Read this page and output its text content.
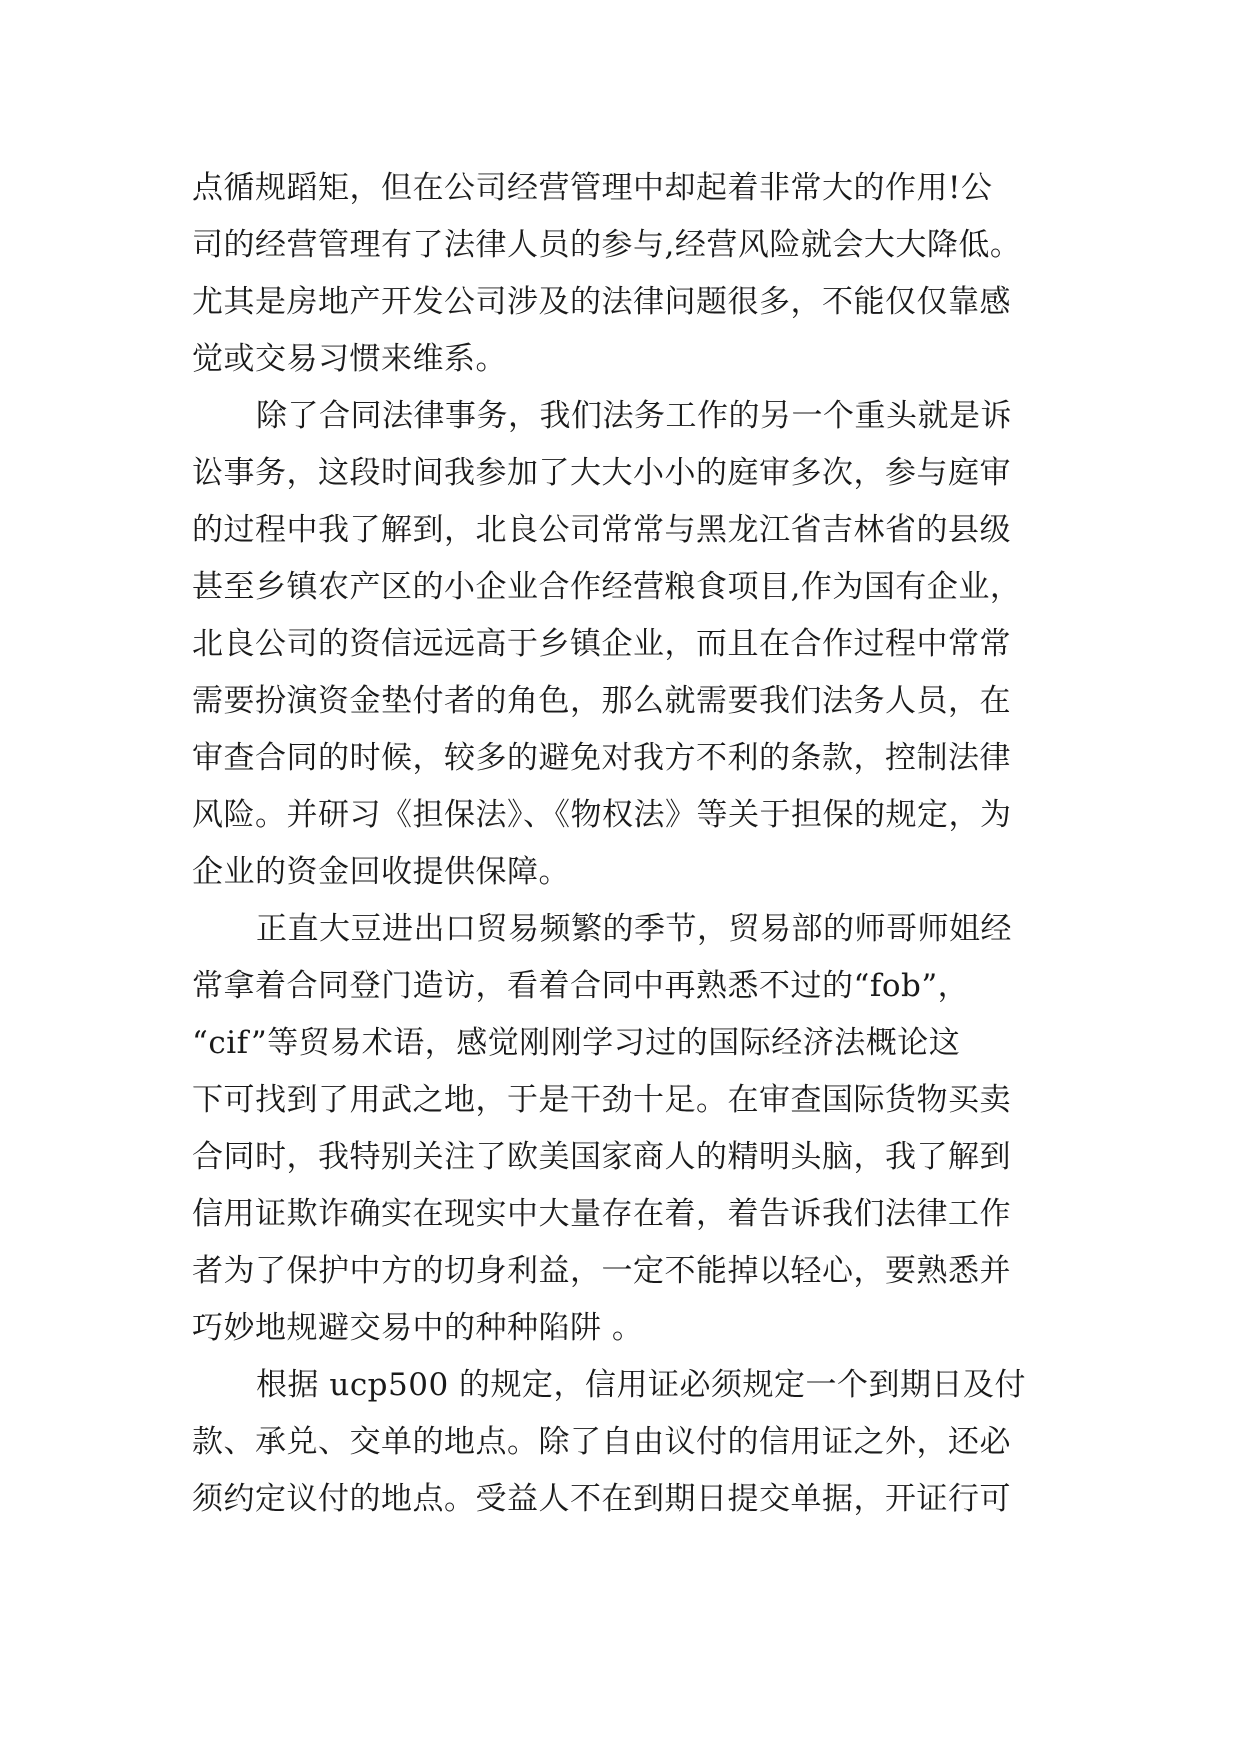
点循规蹈矩，但在公司经营管理中却起着非常大的作用!公
司的经营管理有了法律人员的参与,经营风险就会大大降低。
尤其是房地产开发公司涉及的法律问题很多，不能仅仅靠感
觉或交易习惯来维系。
除了合同法律事务，我们法务工作的另一个重头就是诉
讼事务，这段时间我参加了大大小小的庭审多次，参与庭审
的过程中我了解到，北良公司常常与黑龙江省吉林省的县级
甚至乡镇农产区的小企业合作经营粮食项目,作为国有企业，
北良公司的资信远远高于乡镇企业，而且在合作过程中常常
需要扮演资金垫付者的角色，那么就需要我们法务人员，在
审查合同的时候，较多的避免对我方不利的条款，控制法律
风险。并研习《担保法》、《物权法》等关于担保的规定，为
企业的资金回收提供保障。
正直大豆进出口贸易频繁的季节，贸易部的师哥师姐经
常拿着合同登门造访，看着合同中再熟悉不过的“fob”，
“cif”等贸易术语，感觉刚刚学习过的国际经济法概论这
下可找到了用武之地，于是干劲十足。在审查国际货物买卖
合同时，我特别关注了欧美国家商人的精明头脑，我了解到
信用证欺诈确实在现实中大量存在着，着告诉我们法律工作
者为了保护中方的切身利益，一定不能掉以轻心，要熟悉并
巧妙地规避交易中的种种陷阱 。
根据 ucp500 的规定，信用证必须规定一个到期日及付
款、承兑、交单的地点。除了自由议付的信用证之外，还必
须约定议付的地点。受益人不在到期日提交单据，开证行可
